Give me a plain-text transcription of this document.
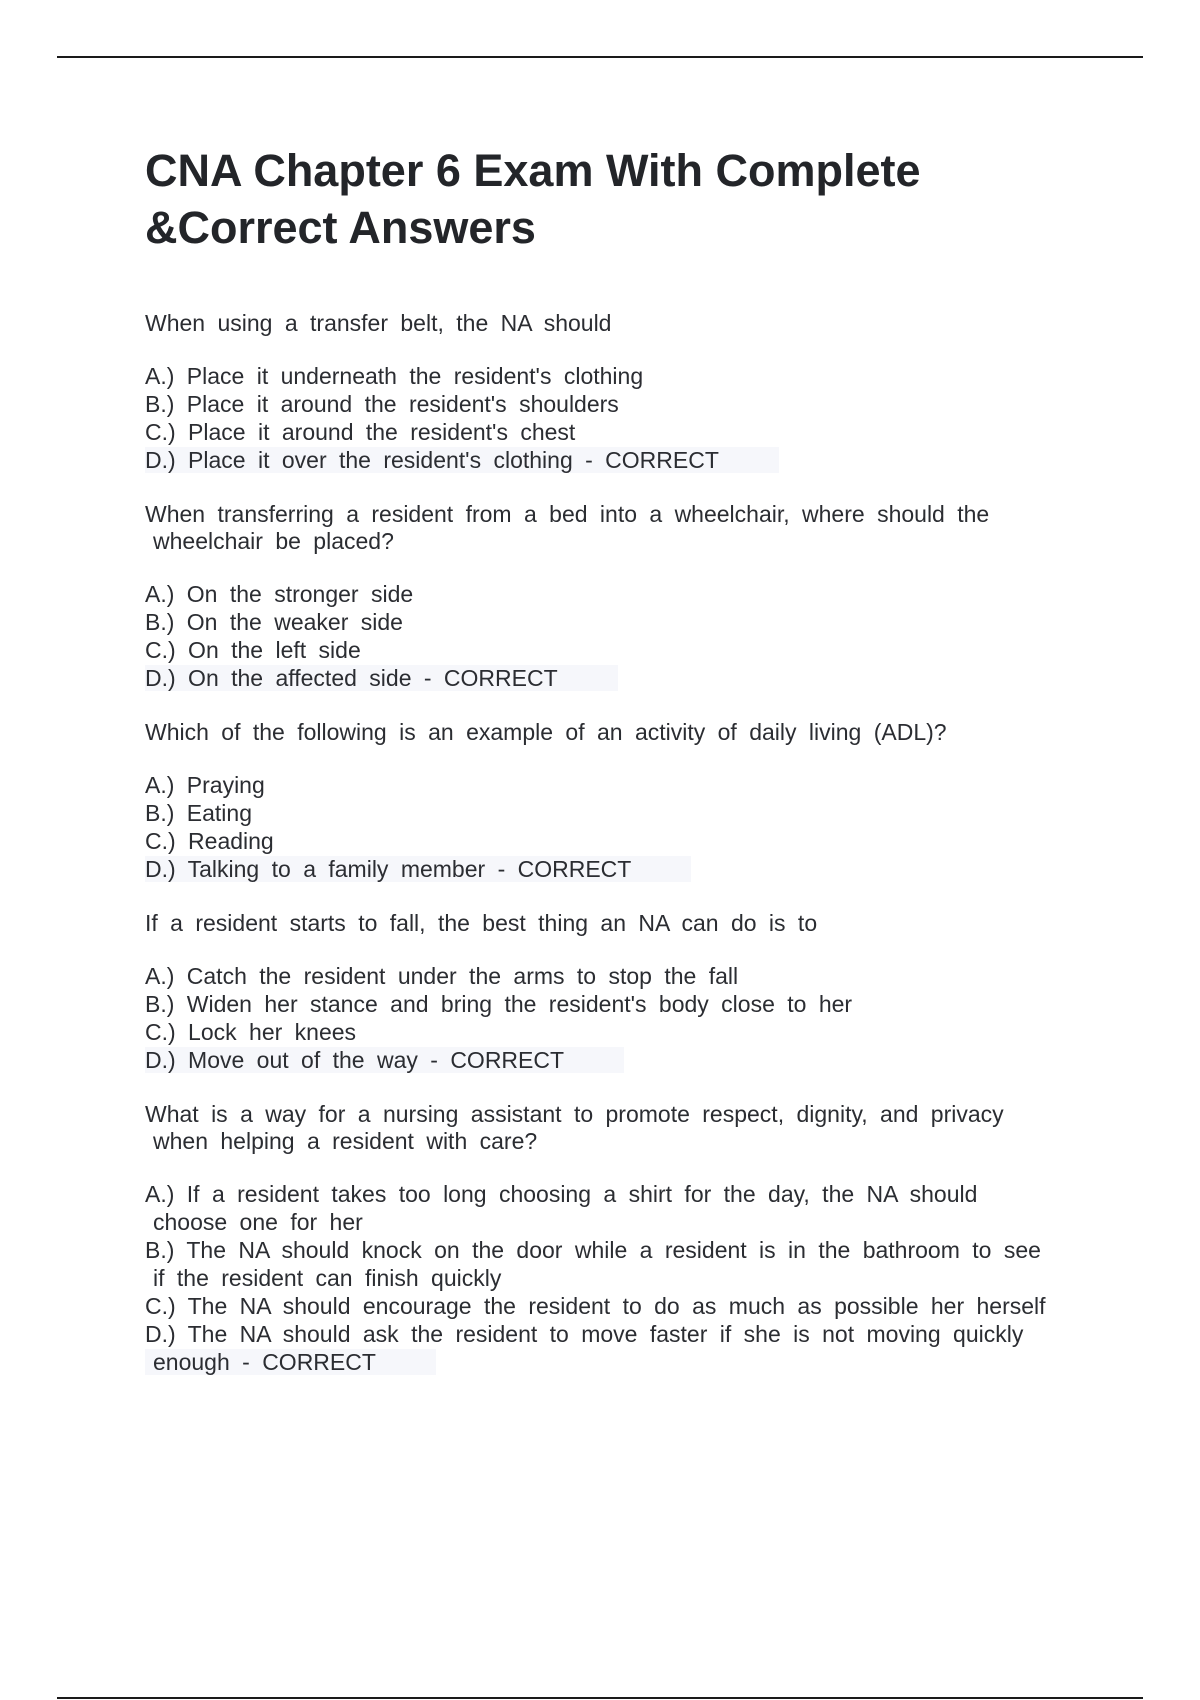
CNA Chapter 6 Exam With Complete
&Correct Answers
When using a transfer belt, the NA should
A.) Place it underneath the resident's clothing
B.) Place it around the resident's shoulders
C.) Place it around the resident's chest
D.) Place it over the resident's clothing - CORRECT
When transferring a resident from a bed into a wheelchair, where should the
wheelchair be placed?
A.) On the stronger side
B.) On the weaker side
C.) On the left side
D.) On the affected side - CORRECT
Which of the following is an example of an activity of daily living (ADL)?
A.) Praying
B.) Eating
C.) Reading
D.) Talking to a family member - CORRECT
If a resident starts to fall, the best thing an NA can do is to
A.) Catch the resident under the arms to stop the fall
B.) Widen her stance and bring the resident's body close to her
C.) Lock her knees
D.) Move out of the way - CORRECT
What is a way for a nursing assistant to promote respect, dignity, and privacy
when helping a resident with care?
A.) If a resident takes too long choosing a shirt for the day, the NA should
choose one for her
B.) The NA should knock on the door while a resident is in the bathroom to see
if the resident can finish quickly
C.) The NA should encourage the resident to do as much as possible her herself
D.) The NA should ask the resident to move faster if she is not moving quickly
enough - CORRECT
